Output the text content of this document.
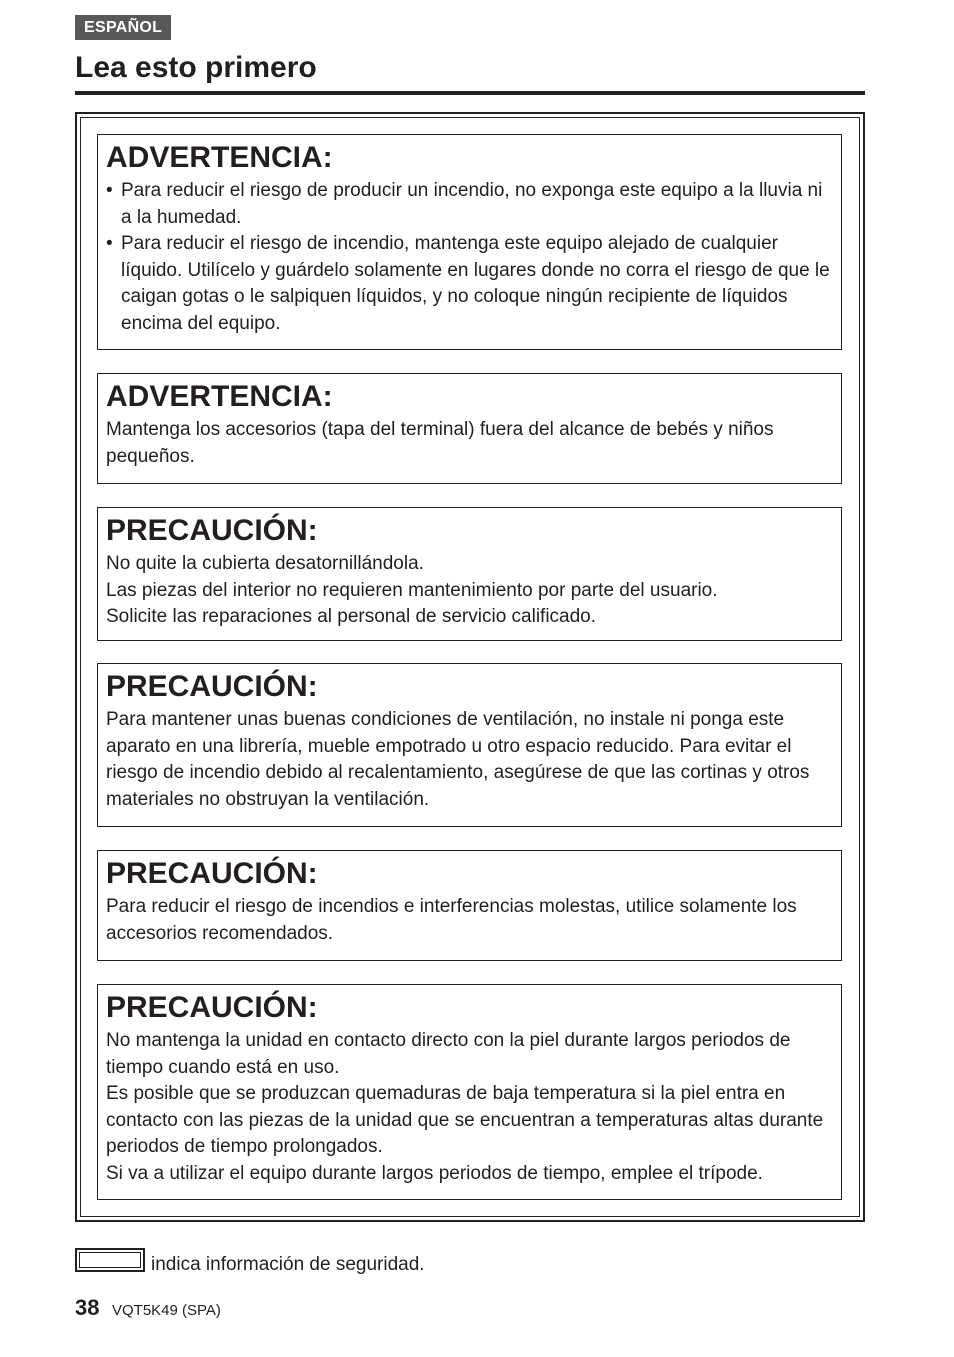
ESPAÑOL
Lea esto primero
ADVERTENCIA:
• Para reducir el riesgo de producir un incendio, no exponga este equipo a la lluvia ni a la humedad.
• Para reducir el riesgo de incendio, mantenga este equipo alejado de cualquier líquido. Utilícelo y guárdelo solamente en lugares donde no corra el riesgo de que le caigan gotas o le salpiquen líquidos, y no coloque ningún recipiente de líquidos encima del equipo.
ADVERTENCIA:

Mantenga los accesorios (tapa del terminal) fuera del alcance de bebés y niños pequeños.

PRECAUCIÓN:

No quite la cubierta desatornillándola.

Las piezas del interior no requieren mantenimiento por parte del usuario.

Solicite las reparaciones al personal de servicio calificado.

PRECAUCIÓN:

Para mantener unas buenas condiciones de ventilación, no instale ni ponga este aparato en una librería, mueble empotrado u otro espacio reducido. Para evitar el riesgo de incendio debido al recalentamiento, asegúrese de que las cortinas y otros materiales no obstruyan la ventilación.

PRECAUCIÓN:

Para reducir el riesgo de incendios e interferencias molestas, utilice solamente los accesorios recomendados.

PRECAUCIÓN:

No mantenga la unidad en contacto directo con la piel durante largos periodos de tiempo cuando está en uso.

Es posible que se produzcan quemaduras de baja temperatura si la piel entra en contacto con las piezas de la unidad que se encuentran a temperaturas altas durante periodos de tiempo prolongados.

Si va a utilizar el equipo durante largos periodos de tiempo, emplee el trípode.

indica información de seguridad.
38 VQT5K49 (SPA)
